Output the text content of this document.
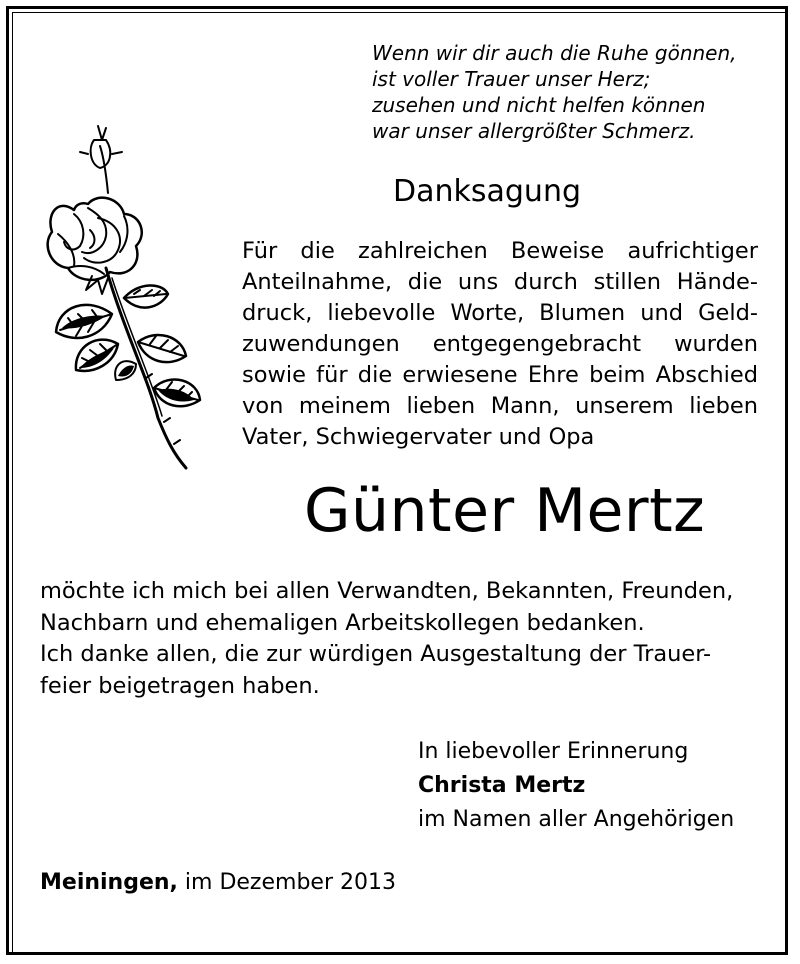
Wenn wir dir auch die Ruhe gönnen,
ist voller Trauer unser Herz;
zusehen und nicht helfen können
war unser allergrößter Schmerz.
Danksagung
Für die zahlreichen Beweise aufrichtiger
Anteilnahme, die uns durch stillen Hände-
druck, liebevolle Worte, Blumen und Geld-
zuwendungen entgegengebracht wurden
sowie für die erwiesene Ehre beim Abschied
von meinem lieben Mann, unserem lieben
Vater, Schwiegervater und Opa
Günter Mertz
möchte ich mich bei allen Verwandten, Bekannten, Freunden,
Nachbarn und ehemaligen Arbeitskollegen bedanken.
Ich danke allen, die zur würdigen Ausgestaltung der Trauer-
feier beigetragen haben.
In liebevoller Erinnerung
Christa Mertz
im Namen aller Angehörigen
Meiningen, im Dezember 2013
